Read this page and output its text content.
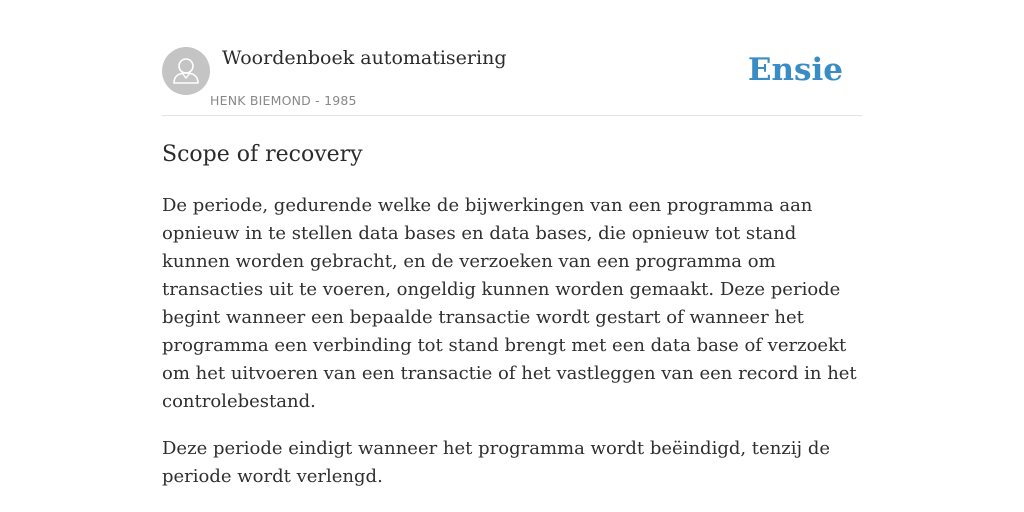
Woordenboek automatisering
HENK BIEMOND - 1985
Ensie
Scope of recovery

De periode, gedurende welke de bijwerkingen van een programma aan opnieuw in te stellen data bases en data bases, die opnieuw tot stand kunnen worden gebracht, en de verzoeken van een programma om transacties uit te voeren, ongeldig kunnen worden gemaakt. Deze periode begint wanneer een bepaalde transactie wordt gestart of wanneer het programma een verbinding tot stand brengt met een data base of verzoekt om het uitvoeren van een transactie of het vastleggen van een record in het controlebestand.

Deze periode eindigt wanneer het programma wordt beëindigd, tenzij de periode wordt verlengd.
